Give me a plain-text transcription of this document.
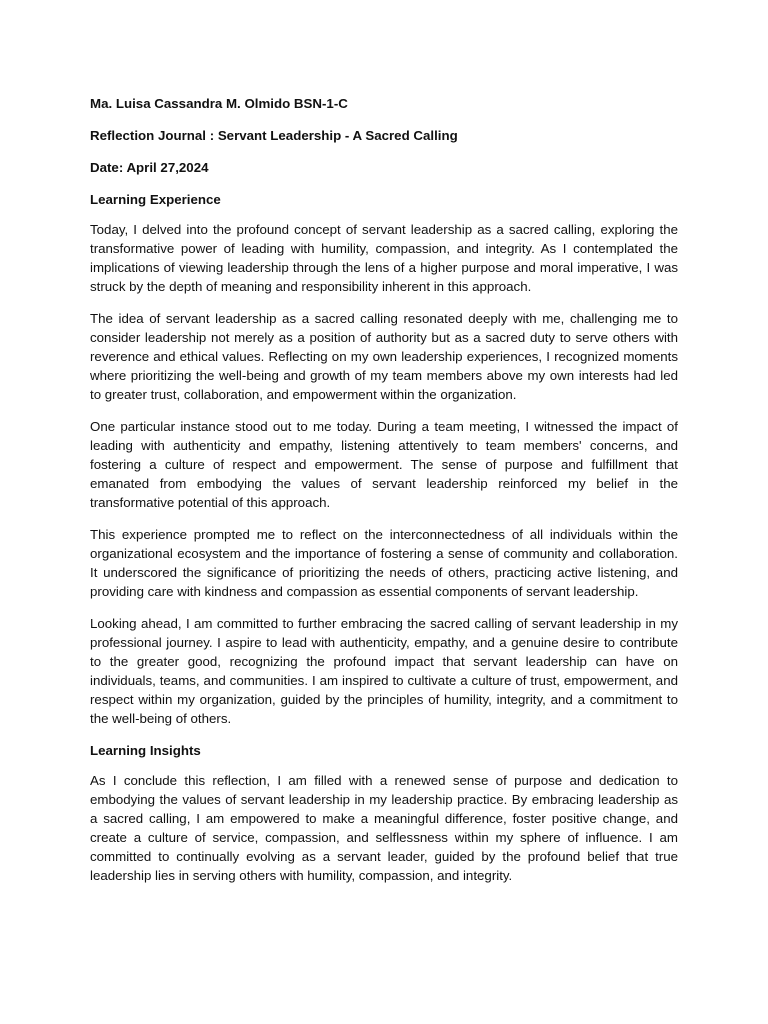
Ma. Luisa Cassandra M. Olmido BSN-1-C
Reflection Journal : Servant Leadership - A Sacred Calling
Date: April 27,2024
Learning Experience

Today, I delved into the profound concept of servant leadership as a sacred calling, exploring the transformative power of leading with humility, compassion, and integrity. As I contemplated the implications of viewing leadership through the lens of a higher purpose and moral imperative, I was struck by the depth of meaning and responsibility inherent in this approach.

The idea of servant leadership as a sacred calling resonated deeply with me, challenging me to consider leadership not merely as a position of authority but as a sacred duty to serve others with reverence and ethical values. Reflecting on my own leadership experiences, I recognized moments where prioritizing the well-being and growth of my team members above my own interests had led to greater trust, collaboration, and empowerment within the organization.

One particular instance stood out to me today. During a team meeting, I witnessed the impact of leading with authenticity and empathy, listening attentively to team members' concerns, and fostering a culture of respect and empowerment. The sense of purpose and fulfillment that emanated from embodying the values of servant leadership reinforced my belief in the transformative potential of this approach.

This experience prompted me to reflect on the interconnectedness of all individuals within the organizational ecosystem and the importance of fostering a sense of community and collaboration. It underscored the significance of prioritizing the needs of others, practicing active listening, and providing care with kindness and compassion as essential components of servant leadership.

Looking ahead, I am committed to further embracing the sacred calling of servant leadership in my professional journey. I aspire to lead with authenticity, empathy, and a genuine desire to contribute to the greater good, recognizing the profound impact that servant leadership can have on individuals, teams, and communities. I am inspired to cultivate a culture of trust, empowerment, and respect within my organization, guided by the principles of humility, integrity, and a commitment to the well-being of others.

Learning Insights

As I conclude this reflection, I am filled with a renewed sense of purpose and dedication to embodying the values of servant leadership in my leadership practice. By embracing leadership as a sacred calling, I am empowered to make a meaningful difference, foster positive change, and create a culture of service, compassion, and selflessness within my sphere of influence. I am committed to continually evolving as a servant leader, guided by the profound belief that true leadership lies in serving others with humility, compassion, and integrity.
